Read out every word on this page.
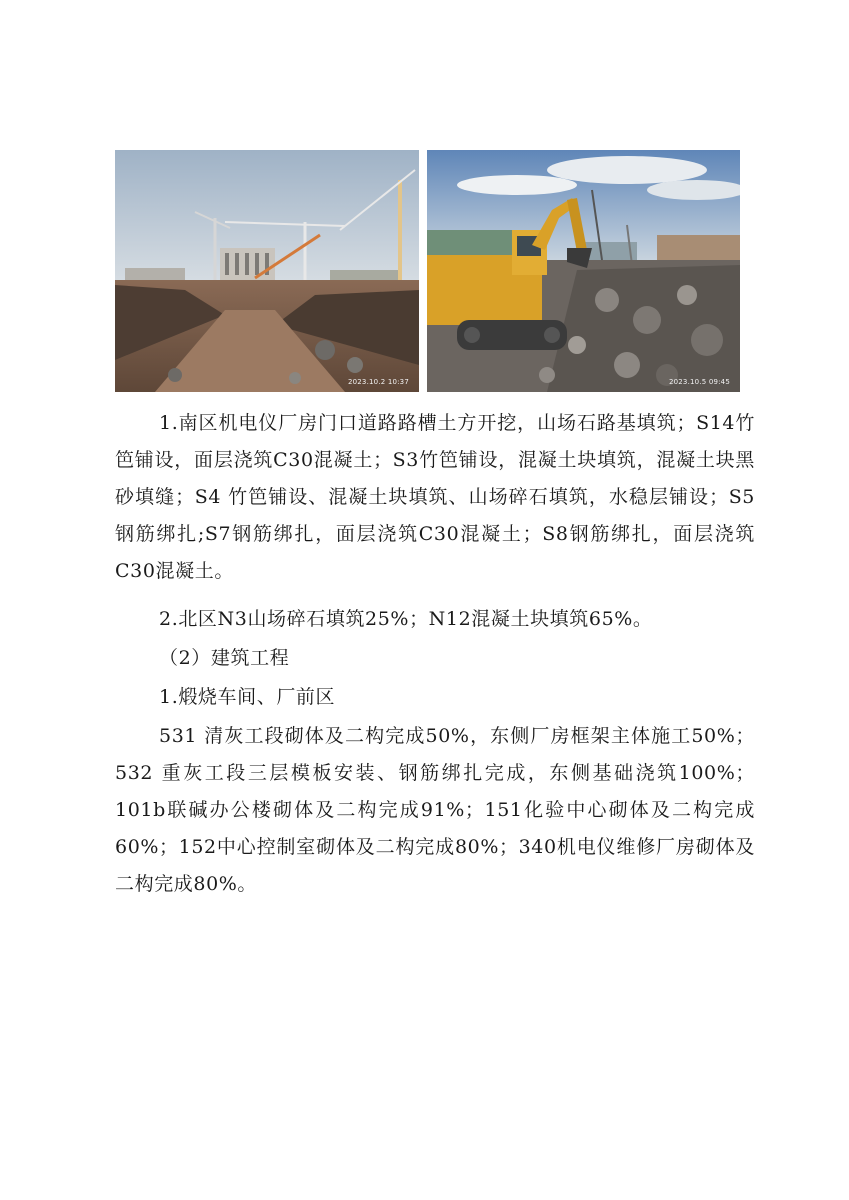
2023.10.2 10:37	2023.10.5 09:45

1.南区机电仪厂房门口道路路槽土方开挖，山场石路基填筑；S14竹笆铺设，面层浇筑C30混凝土；S3竹笆铺设，混凝土块填筑，混凝土块黑砂填缝；S4 竹笆铺设、混凝土块填筑、山场碎石填筑，水稳层铺设；S5钢筋绑扎;S7钢筋绑扎，面层浇筑C30混凝土；S8钢筋绑扎，面层浇筑C30混凝土。

2.北区N3山场碎石填筑25%；N12混凝土块填筑65%。

（2）建筑工程

1.煅烧车间、厂前区

531 清灰工段砌体及二构完成50%，东侧厂房框架主体施工50%；532 重灰工段三层模板安装、钢筋绑扎完成，东侧基础浇筑100%；101b联碱办公楼砌体及二构完成91%；151化验中心砌体及二构完成60%；152中心控制室砌体及二构完成80%；340机电仪维修厂房砌体及二构完成80%。
